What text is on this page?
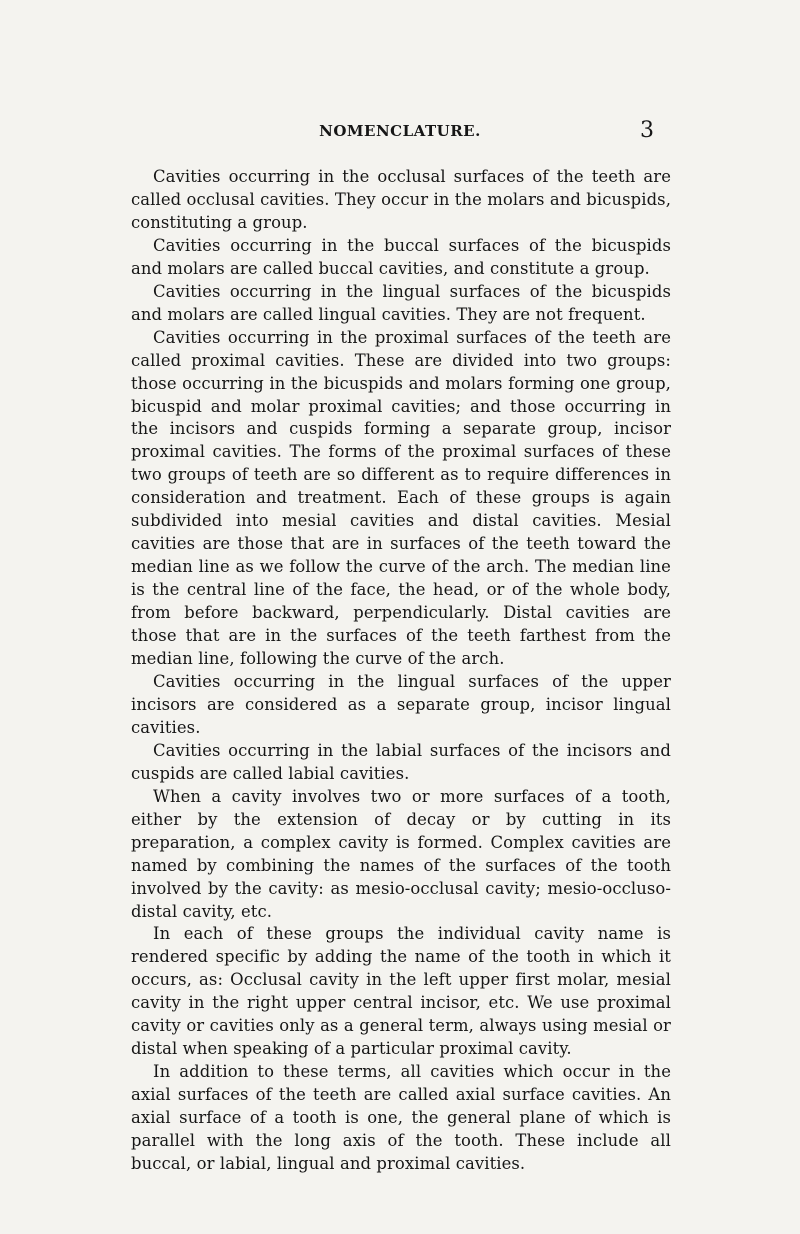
NOMENCLATURE.	3

Cavities occurring in the occlusal surfaces of the teeth are called occlusal cavities. They occur in the molars and bicuspids, constituting a group.

Cavities occurring in the buccal surfaces of the bicuspids and molars are called buccal cavities, and constitute a group.

Cavities occurring in the lingual surfaces of the bicuspids and molars are called lingual cavities. They are not frequent.

Cavities occurring in the proximal surfaces of the teeth are called proximal cavities. These are divided into two groups: those occurring in the bicuspids and molars forming one group, bicuspid and molar proximal cavities; and those occurring in the incisors and cuspids forming a separate group, incisor proximal cavities. The forms of the proximal surfaces of these two groups of teeth are so different as to require differences in consideration and treatment. Each of these groups is again subdivided into mesial cavities and distal cavities. Mesial cavities are those that are in surfaces of the teeth toward the median line as we follow the curve of the arch. The median line is the central line of the face, the head, or of the whole body, from before backward, perpendicularly. Distal cavities are those that are in the surfaces of the teeth farthest from the median line, following the curve of the arch.

Cavities occurring in the lingual surfaces of the upper incisors are considered as a separate group, incisor lingual cavities.

Cavities occurring in the labial surfaces of the incisors and cuspids are called labial cavities.

When a cavity involves two or more surfaces of a tooth, either by the extension of decay or by cutting in its preparation, a complex cavity is formed. Complex cavities are named by combining the names of the surfaces of the tooth involved by the cavity: as mesio-occlusal cavity; mesio-occluso-distal cavity, etc.

In each of these groups the individual cavity name is rendered specific by adding the name of the tooth in which it occurs, as: Occlusal cavity in the left upper first molar, mesial cavity in the right upper central incisor, etc. We use proximal cavity or cavities only as a general term, always using mesial or distal when speaking of a particular proximal cavity.

In addition to these terms, all cavities which occur in the axial surfaces of the teeth are called axial surface cavities. An axial surface of a tooth is one, the general plane of which is parallel with the long axis of the tooth. These include all buccal, or labial, lingual and proximal cavities.
